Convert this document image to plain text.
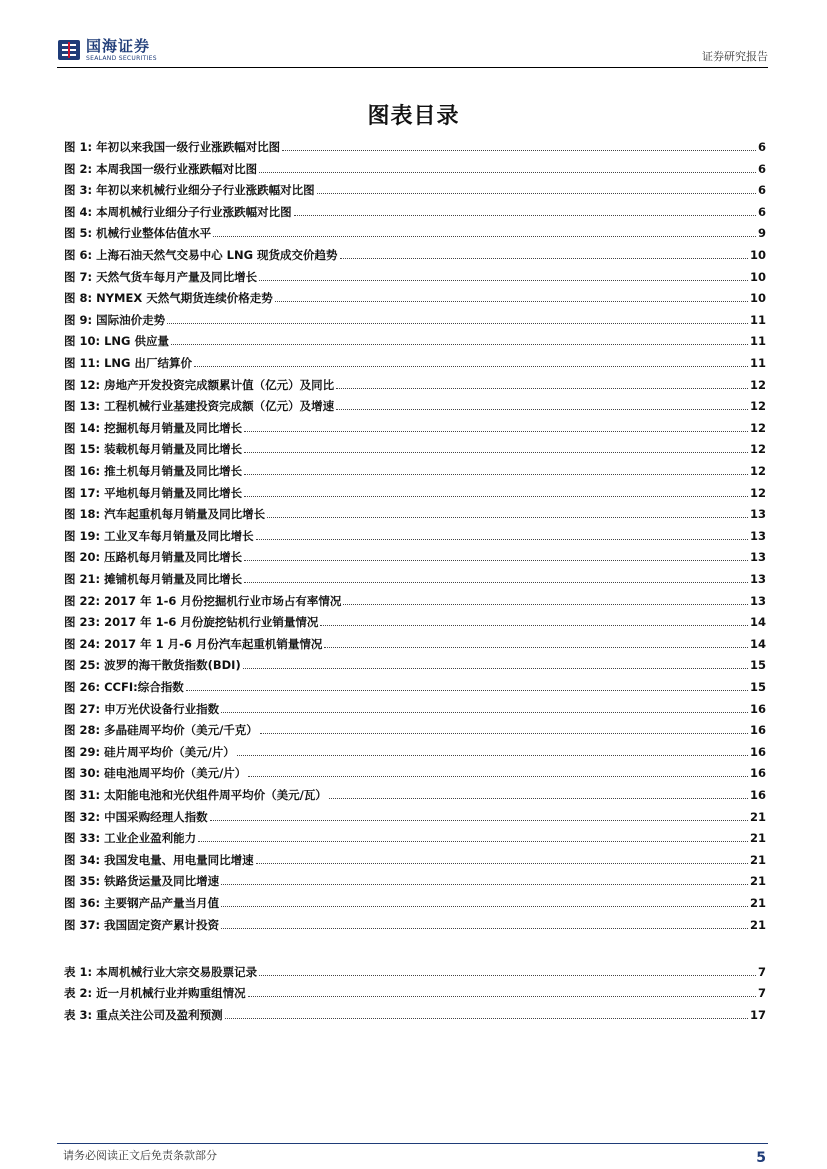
国海证券
SEALAND SECURITIES	证券研究报告
图表目录
图 1: 年初以来我国一级行业涨跌幅对比图	6
图 2: 本周我国一级行业涨跌幅对比图	6
图 3: 年初以来机械行业细分子行业涨跌幅对比图	6
图 4: 本周机械行业细分子行业涨跌幅对比图	6
图 5: 机械行业整体估值水平	9
图 6: 上海石油天然气交易中心 LNG 现货成交价趋势	10
图 7: 天然气货车每月产量及同比增长	10
图 8: NYMEX 天然气期货连续价格走势	10
图 9: 国际油价走势	11
图 10: LNG 供应量	11
图 11: LNG 出厂结算价	11
图 12: 房地产开发投资完成额累计值（亿元）及同比	12
图 13: 工程机械行业基建投资完成额（亿元）及增速	12
图 14: 挖掘机每月销量及同比增长	12
图 15: 装载机每月销量及同比增长	12
图 16: 推土机每月销量及同比增长	12
图 17: 平地机每月销量及同比增长	12
图 18: 汽车起重机每月销量及同比增长	13
图 19: 工业叉车每月销量及同比增长	13
图 20: 压路机每月销量及同比增长	13
图 21: 摊铺机每月销量及同比增长	13
图 22: 2017 年 1-6 月份挖掘机行业市场占有率情况	13
图 23: 2017 年 1-6 月份旋挖钻机行业销量情况	14
图 24: 2017 年 1 月-6 月份汽车起重机销量情况	14
图 25: 波罗的海干散货指数(BDI)	15
图 26: CCFI:综合指数	15
图 27: 申万光伏设备行业指数	16
图 28: 多晶硅周平均价（美元/千克）	16
图 29: 硅片周平均价（美元/片）	16
图 30: 硅电池周平均价（美元/片）	16
图 31: 太阳能电池和光伏组件周平均价（美元/瓦）	16
图 32: 中国采购经理人指数	21
图 33: 工业企业盈利能力	21
图 34: 我国发电量、用电量同比增速	21
图 35: 铁路货运量及同比增速	21
图 36: 主要钢产品产量当月值	21
图 37: 我国固定资产累计投资	21
表 1: 本周机械行业大宗交易股票记录	7
表 2: 近一月机械行业并购重组情况	7
表 3: 重点关注公司及盈利预测	17
请务必阅读正文后免责条款部分	5
